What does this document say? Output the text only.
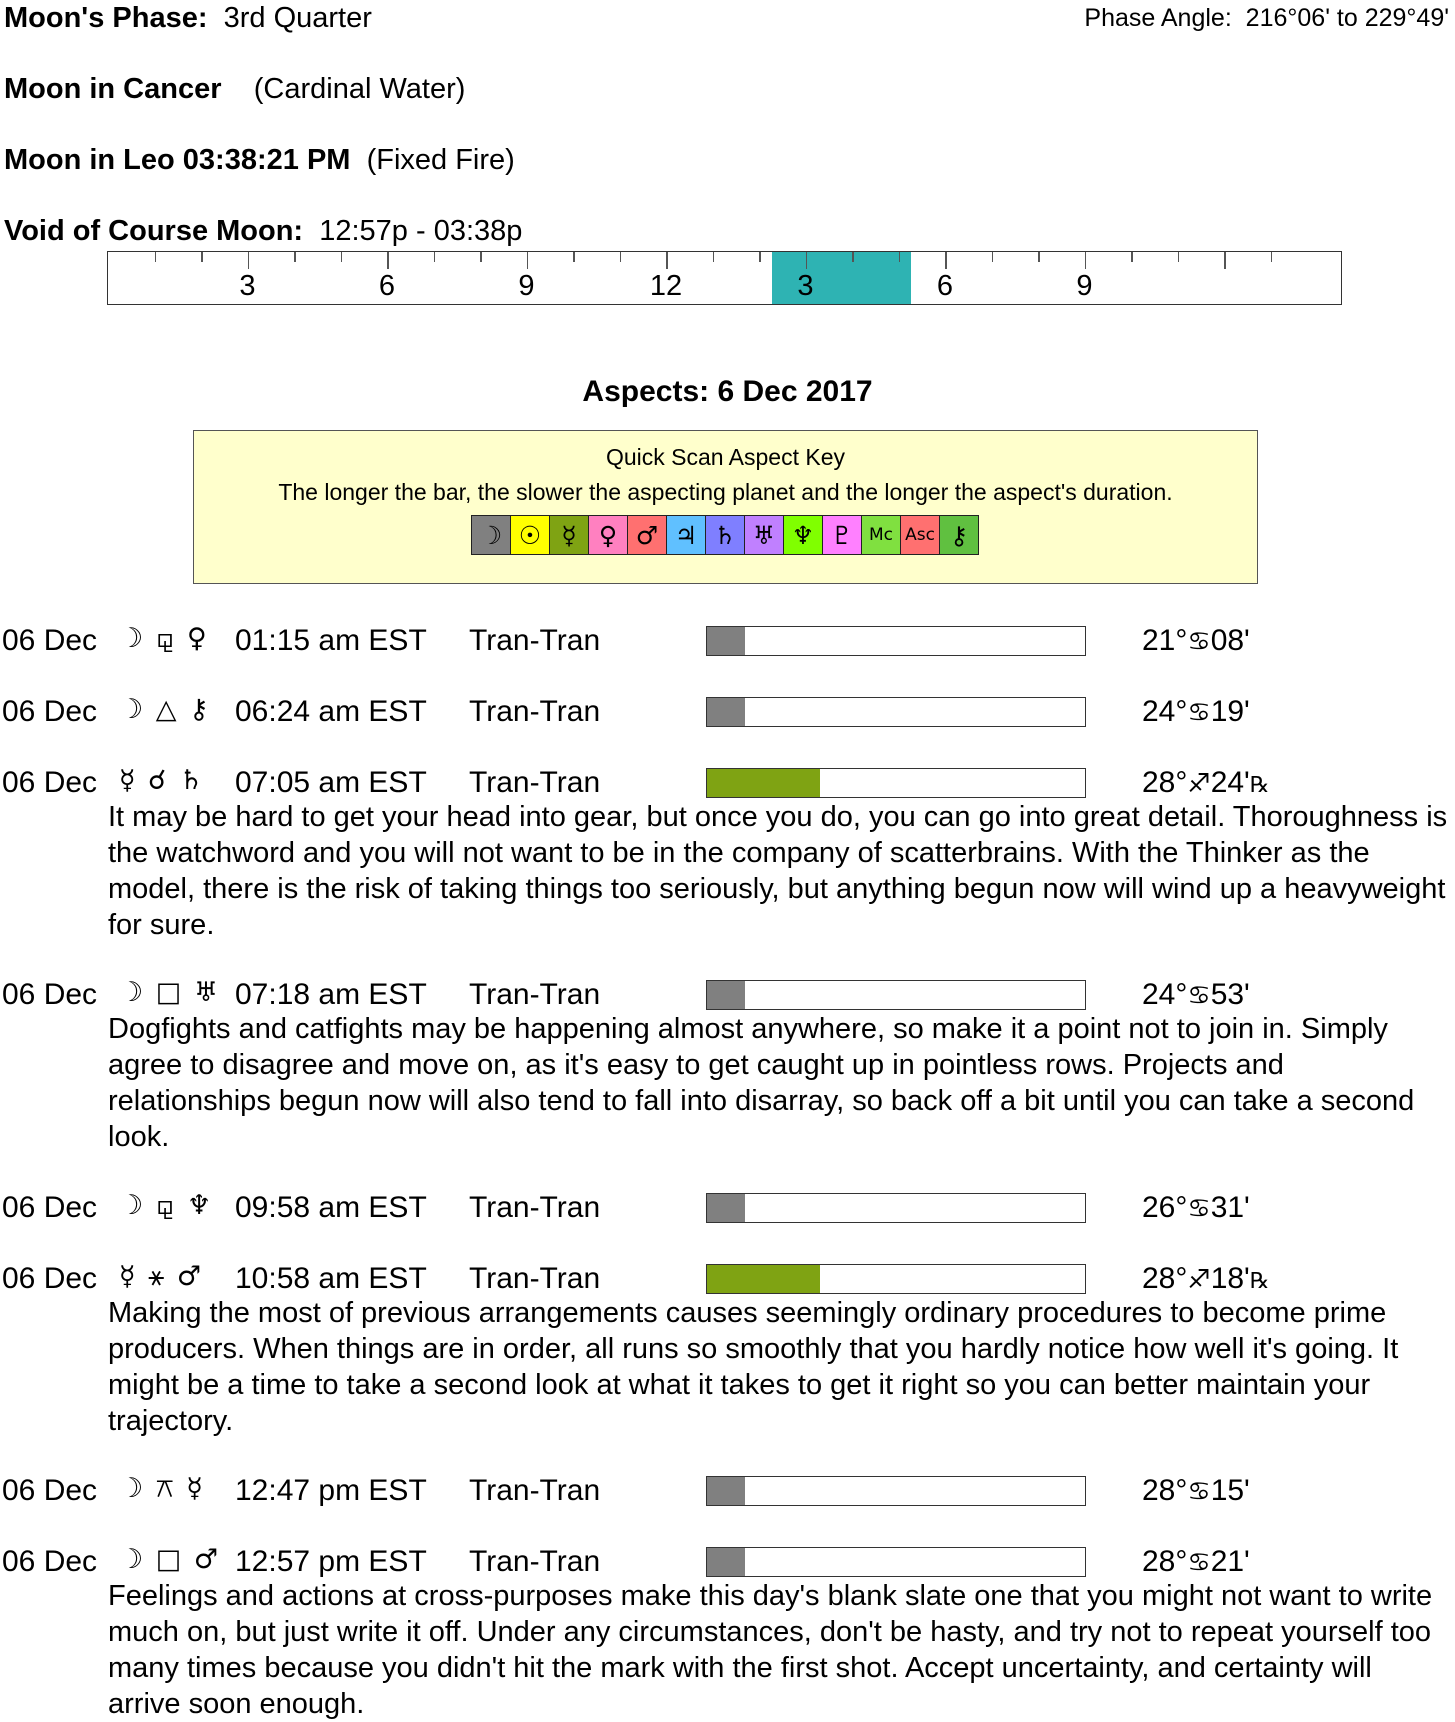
Moon's Phase: 3rd Quarter	Phase Angle: 216°06' to 229°49'
Moon in Cancer (Cardinal Water)
Moon in Leo 03:38:21 PM (Fixed Fire)
Void of Course Moon: 12:57p - 03:38p
3	6	9	12	3	6	9
Aspects: 6 Dec 2017
Quick Scan Aspect Key
The longer the bar, the slower the aspecting planet and the longer the aspect's duration.
☽ ☉ ☿ ♀ ♂ ♃ ♄ ♅ ♆ ♇ Mc Asc ⚷
06 Dec ☽ ⚼ ♀ 01:15 am EST Tran-Tran	21°♋08'
06 Dec ☽ △ ⚷ 06:24 am EST Tran-Tran	24°♋19'
06 Dec ☿ ☌ ♄ 07:05 am EST Tran-Tran	28°♐24'℞
It may be hard to get your head into gear, but once you do, you can go into great detail. Thoroughness is the watchword and you will not want to be in the company of scatterbrains. With the Thinker as the model, there is the risk of taking things too seriously, but anything begun now will wind up a heavyweight for sure.
06 Dec ☽ □ ♅ 07:18 am EST Tran-Tran	24°♋53'
Dogfights and catfights may be happening almost anywhere, so make it a point not to join in. Simply agree to disagree and move on, as it's easy to get caught up in pointless rows. Projects and relationships begun now will also tend to fall into disarray, so back off a bit until you can take a second look.
06 Dec ☽ ⚼ ♆ 09:58 am EST Tran-Tran	26°♋31'
06 Dec ☿ ⚹ ♂ 10:58 am EST Tran-Tran	28°♐18'℞
Making the most of previous arrangements causes seemingly ordinary procedures to become prime producers. When things are in order, all runs so smoothly that you hardly notice how well it's going. It might be a time to take a second look at what it takes to get it right so you can better maintain your trajectory.
06 Dec ☽ ⚻ ☿ 12:47 pm EST Tran-Tran	28°♋15'
06 Dec ☽ □ ♂ 12:57 pm EST Tran-Tran	28°♋21'
Feelings and actions at cross-purposes make this day's blank slate one that you might not want to write much on, but just write it off. Under any circumstances, don't be hasty, and try not to repeat yourself too many times because you didn't hit the mark with the first shot. Accept uncertainty, and certainty will arrive soon enough.
